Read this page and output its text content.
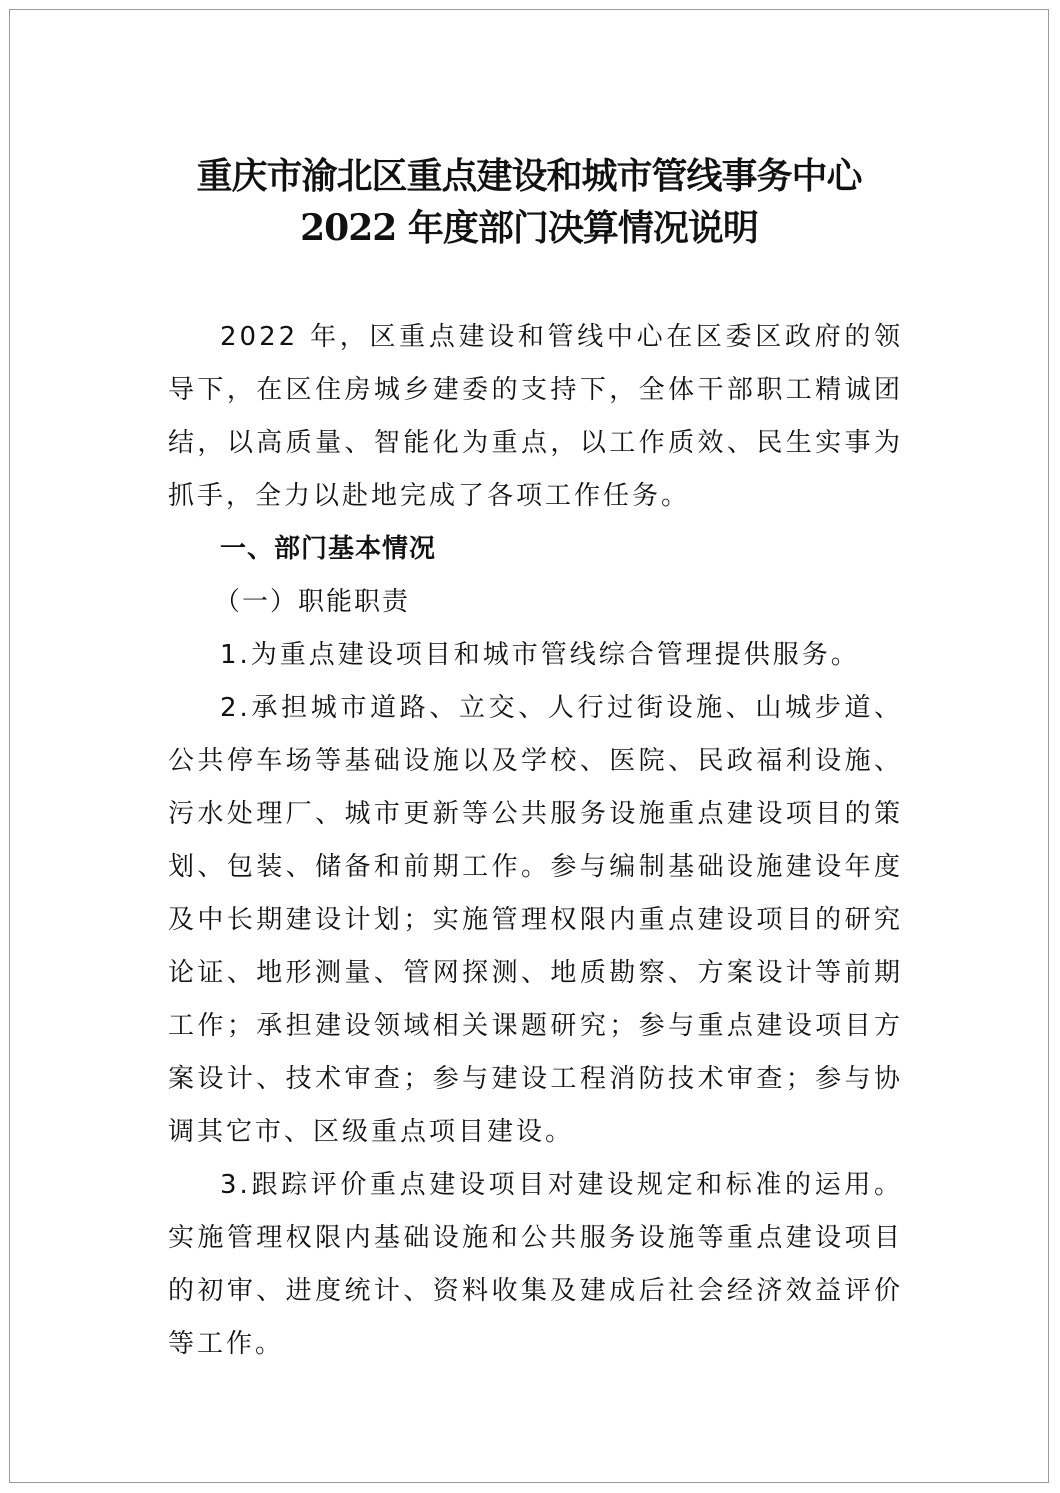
重庆市渝北区重点建设和城市管线事务中心
2022 年度部门决算情况说明

2022 年，区重点建设和管线中心在区委区政府的领导下，在区住房城乡建委的支持下，全体干部职工精诚团结，以高质量、智能化为重点，以工作质效、民生实事为抓手，全力以赴地完成了各项工作任务。

一、部门基本情况

（一）职能职责

1.为重点建设项目和城市管线综合管理提供服务。

2.承担城市道路、立交、人行过街设施、山城步道、公共停车场等基础设施以及学校、医院、民政福利设施、污水处理厂、城市更新等公共服务设施重点建设项目的策划、包装、储备和前期工作。参与编制基础设施建设年度及中长期建设计划；实施管理权限内重点建设项目的研究论证、地形测量、管网探测、地质勘察、方案设计等前期工作；承担建设领域相关课题研究；参与重点建设项目方案设计、技术审查；参与建设工程消防技术审查；参与协调其它市、区级重点项目建设。

3.跟踪评价重点建设项目对建设规定和标准的运用。实施管理权限内基础设施和公共服务设施等重点建设项目的初审、进度统计、资料收集及建成后社会经济效益评价等工作。
